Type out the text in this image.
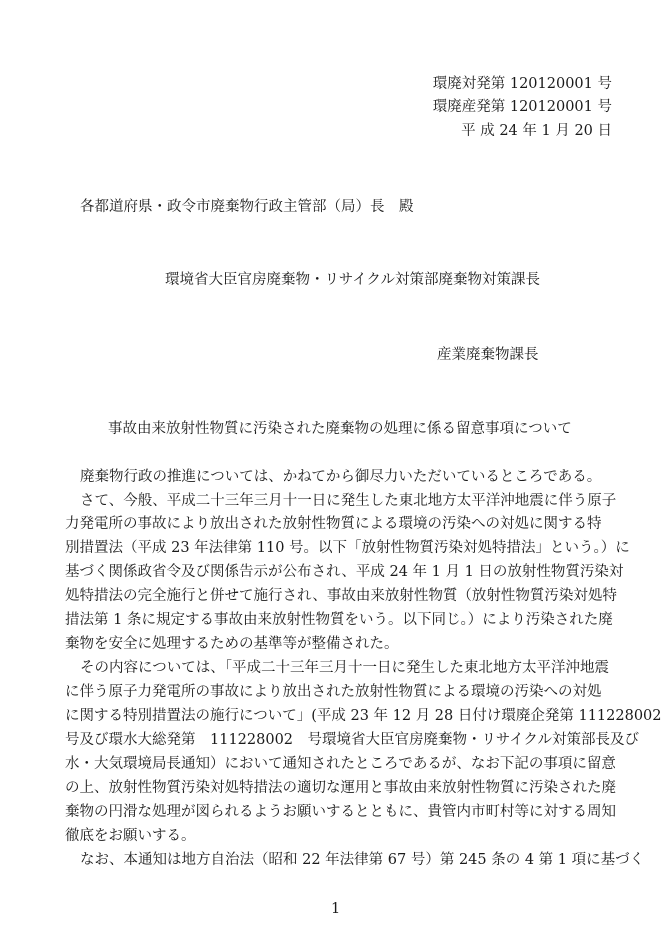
環廃対発第 120120001 号
環廃産発第 120120001 号
平 成 24 年 1 月 20 日
各都道府県・政令市廃棄物行政主管部（局）長　殿
環境省大臣官房廃棄物・リサイクル対策部廃棄物対策課長
産業廃棄物課長
事故由来放射性物質に汚染された廃棄物の処理に係る留意事項について
廃棄物行政の推進については、かねてから御尽力いただいているところである。
さて、今般、平成二十三年三月十一日に発生した東北地方太平洋沖地震に伴う原子
力発電所の事故により放出された放射性物質による環境の汚染への対処に関する特
別措置法（平成 23 年法律第 110 号。以下「放射性物質汚染対処特措法」という。）に
基づく関係政省令及び関係告示が公布され、平成 24 年 1 月 1 日の放射性物質汚染対
処特措法の完全施行と併せて施行され、事故由来放射性物質（放射性物質汚染対処特
措法第 1 条に規定する事故由来放射性物質をいう。以下同じ。）により汚染された廃
棄物を安全に処理するための基準等が整備された。
その内容については、「平成二十三年三月十一日に発生した東北地方太平洋沖地震
に伴う原子力発電所の事故により放出された放射性物質による環境の汚染への対処
に関する特別措置法の施行について」(平成 23 年 12 月 28 日付け環廃企発第 111228002
号及び環水大総発第　111228002　号環境省大臣官房廃棄物・リサイクル対策部長及び
水・大気環境局長通知）において通知されたところであるが、なお下記の事項に留意
の上、放射性物質汚染対処特措法の適切な運用と事故由来放射性物質に汚染された廃
棄物の円滑な処理が図られるようお願いするとともに、貴管内市町村等に対する周知
徹底をお願いする。
なお、本通知は地方自治法（昭和 22 年法律第 67 号）第 245 条の 4 第 1 項に基づく
1
